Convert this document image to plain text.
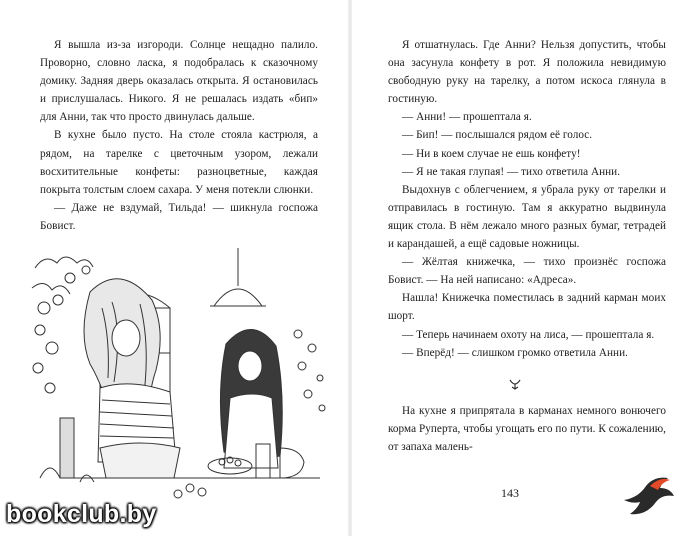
Я вышла из-за изгороди. Солнце нещадно палило. Проворно, словно ласка, я подобралась к сказочному домику. Задняя дверь оказалась открыта. Я остановилась и прислушалась. Никого. Я не решалась издать «бип» для Анни, так что просто двинулась дальше.

В кухне было пусто. На столе стояла кастрюля, а рядом, на тарелке с цветочным узором, лежали восхитительные конфеты: разноцветные, каждая покрыта толстым слоем сахара. У меня потекли слюнки.

— Даже не вздумай, Тильда! — шикнула госпожа Бовист.

Я отшатнулась. Где Анни? Нельзя допустить, чтобы она засунула конфету в рот. Я положила невидимую свободную руку на тарелку, а потом искоса глянула в гостиную.

— Анни! — прошептала я.

— Бип! — послышался рядом её голос.

— Ни в коем случае не ешь конфету!

— Я не такая глупая! — тихо ответила Анни.

Выдохнув с облегчением, я убрала руку от тарелки и отправилась в гостиную. Там я аккуратно выдвинула ящик стола. В нём лежало много разных бумаг, тетрадей и карандашей, а ещё садовые ножницы.

— Жёлтая книжечка, — тихо произнёс госпожа Бовист. — На ней написано: «Адреса».

Нашла! Книжечка поместилась в задний карман моих шорт.

— Теперь начинаем охоту на лиса, — прошептала я.

— Вперёд! — слишком громко ответила Анни.

На кухне я припрятала в карманах немного вонючего корма Руперта, чтобы угощать его по пути. К сожалению, от запаха малень-

143
bookclub.by
